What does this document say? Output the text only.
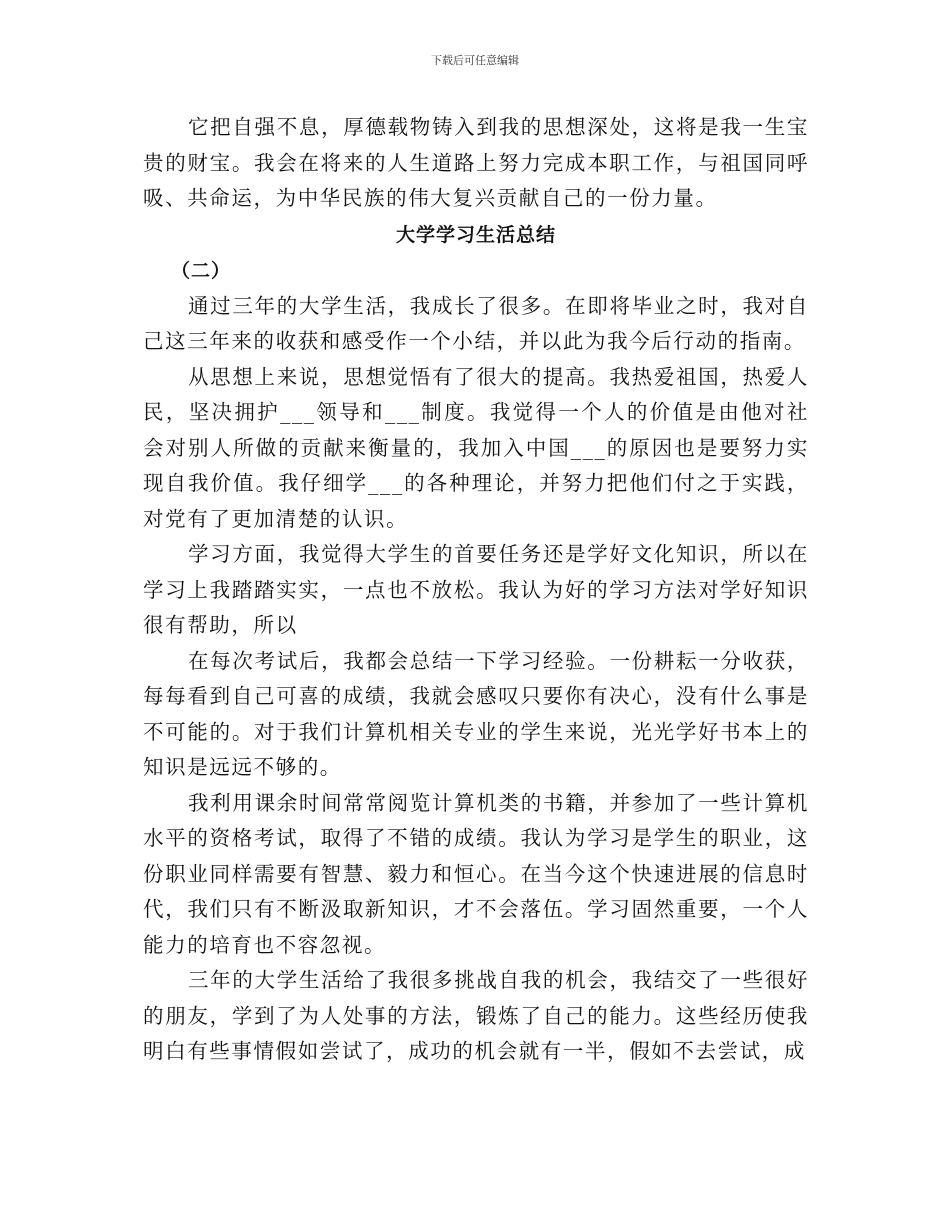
下载后可任意编辑

它把自强不息，厚德载物铸入到我的思想深处，这将是我一生宝贵的财宝。我会在将来的人生道路上努力完成本职工作，与祖国同呼吸、共命运，为中华民族的伟大复兴贡献自己的一份力量。

大学学习生活总结

（二）

通过三年的大学生活，我成长了很多。在即将毕业之时，我对自己这三年来的收获和感受作一个小结，并以此为我今后行动的指南。

从思想上来说，思想觉悟有了很大的提高。我热爱祖国，热爱人民，坚决拥护___领导和___制度。我觉得一个人的价值是由他对社会对别人所做的贡献来衡量的，我加入中国___的原因也是要努力实现自我价值。我仔细学___的各种理论，并努力把他们付之于实践，对党有了更加清楚的认识。

学习方面，我觉得大学生的首要任务还是学好文化知识，所以在学习上我踏踏实实，一点也不放松。我认为好的学习方法对学好知识很有帮助，所以

在每次考试后，我都会总结一下学习经验。一份耕耘一分收获，每每看到自己可喜的成绩，我就会感叹只要你有决心，没有什么事是不可能的。对于我们计算机相关专业的学生来说，光光学好书本上的知识是远远不够的。

我利用课余时间常常阅览计算机类的书籍，并参加了一些计算机水平的资格考试，取得了不错的成绩。我认为学习是学生的职业，这份职业同样需要有智慧、毅力和恒心。在当今这个快速进展的信息时代，我们只有不断汲取新知识，才不会落伍。学习固然重要，一个人能力的培育也不容忽视。

三年的大学生活给了我很多挑战自我的机会，我结交了一些很好的朋友，学到了为人处事的方法，锻炼了自己的能力。这些经历使我明白有些事情假如尝试了，成功的机会就有一半，假如不去尝试，成
